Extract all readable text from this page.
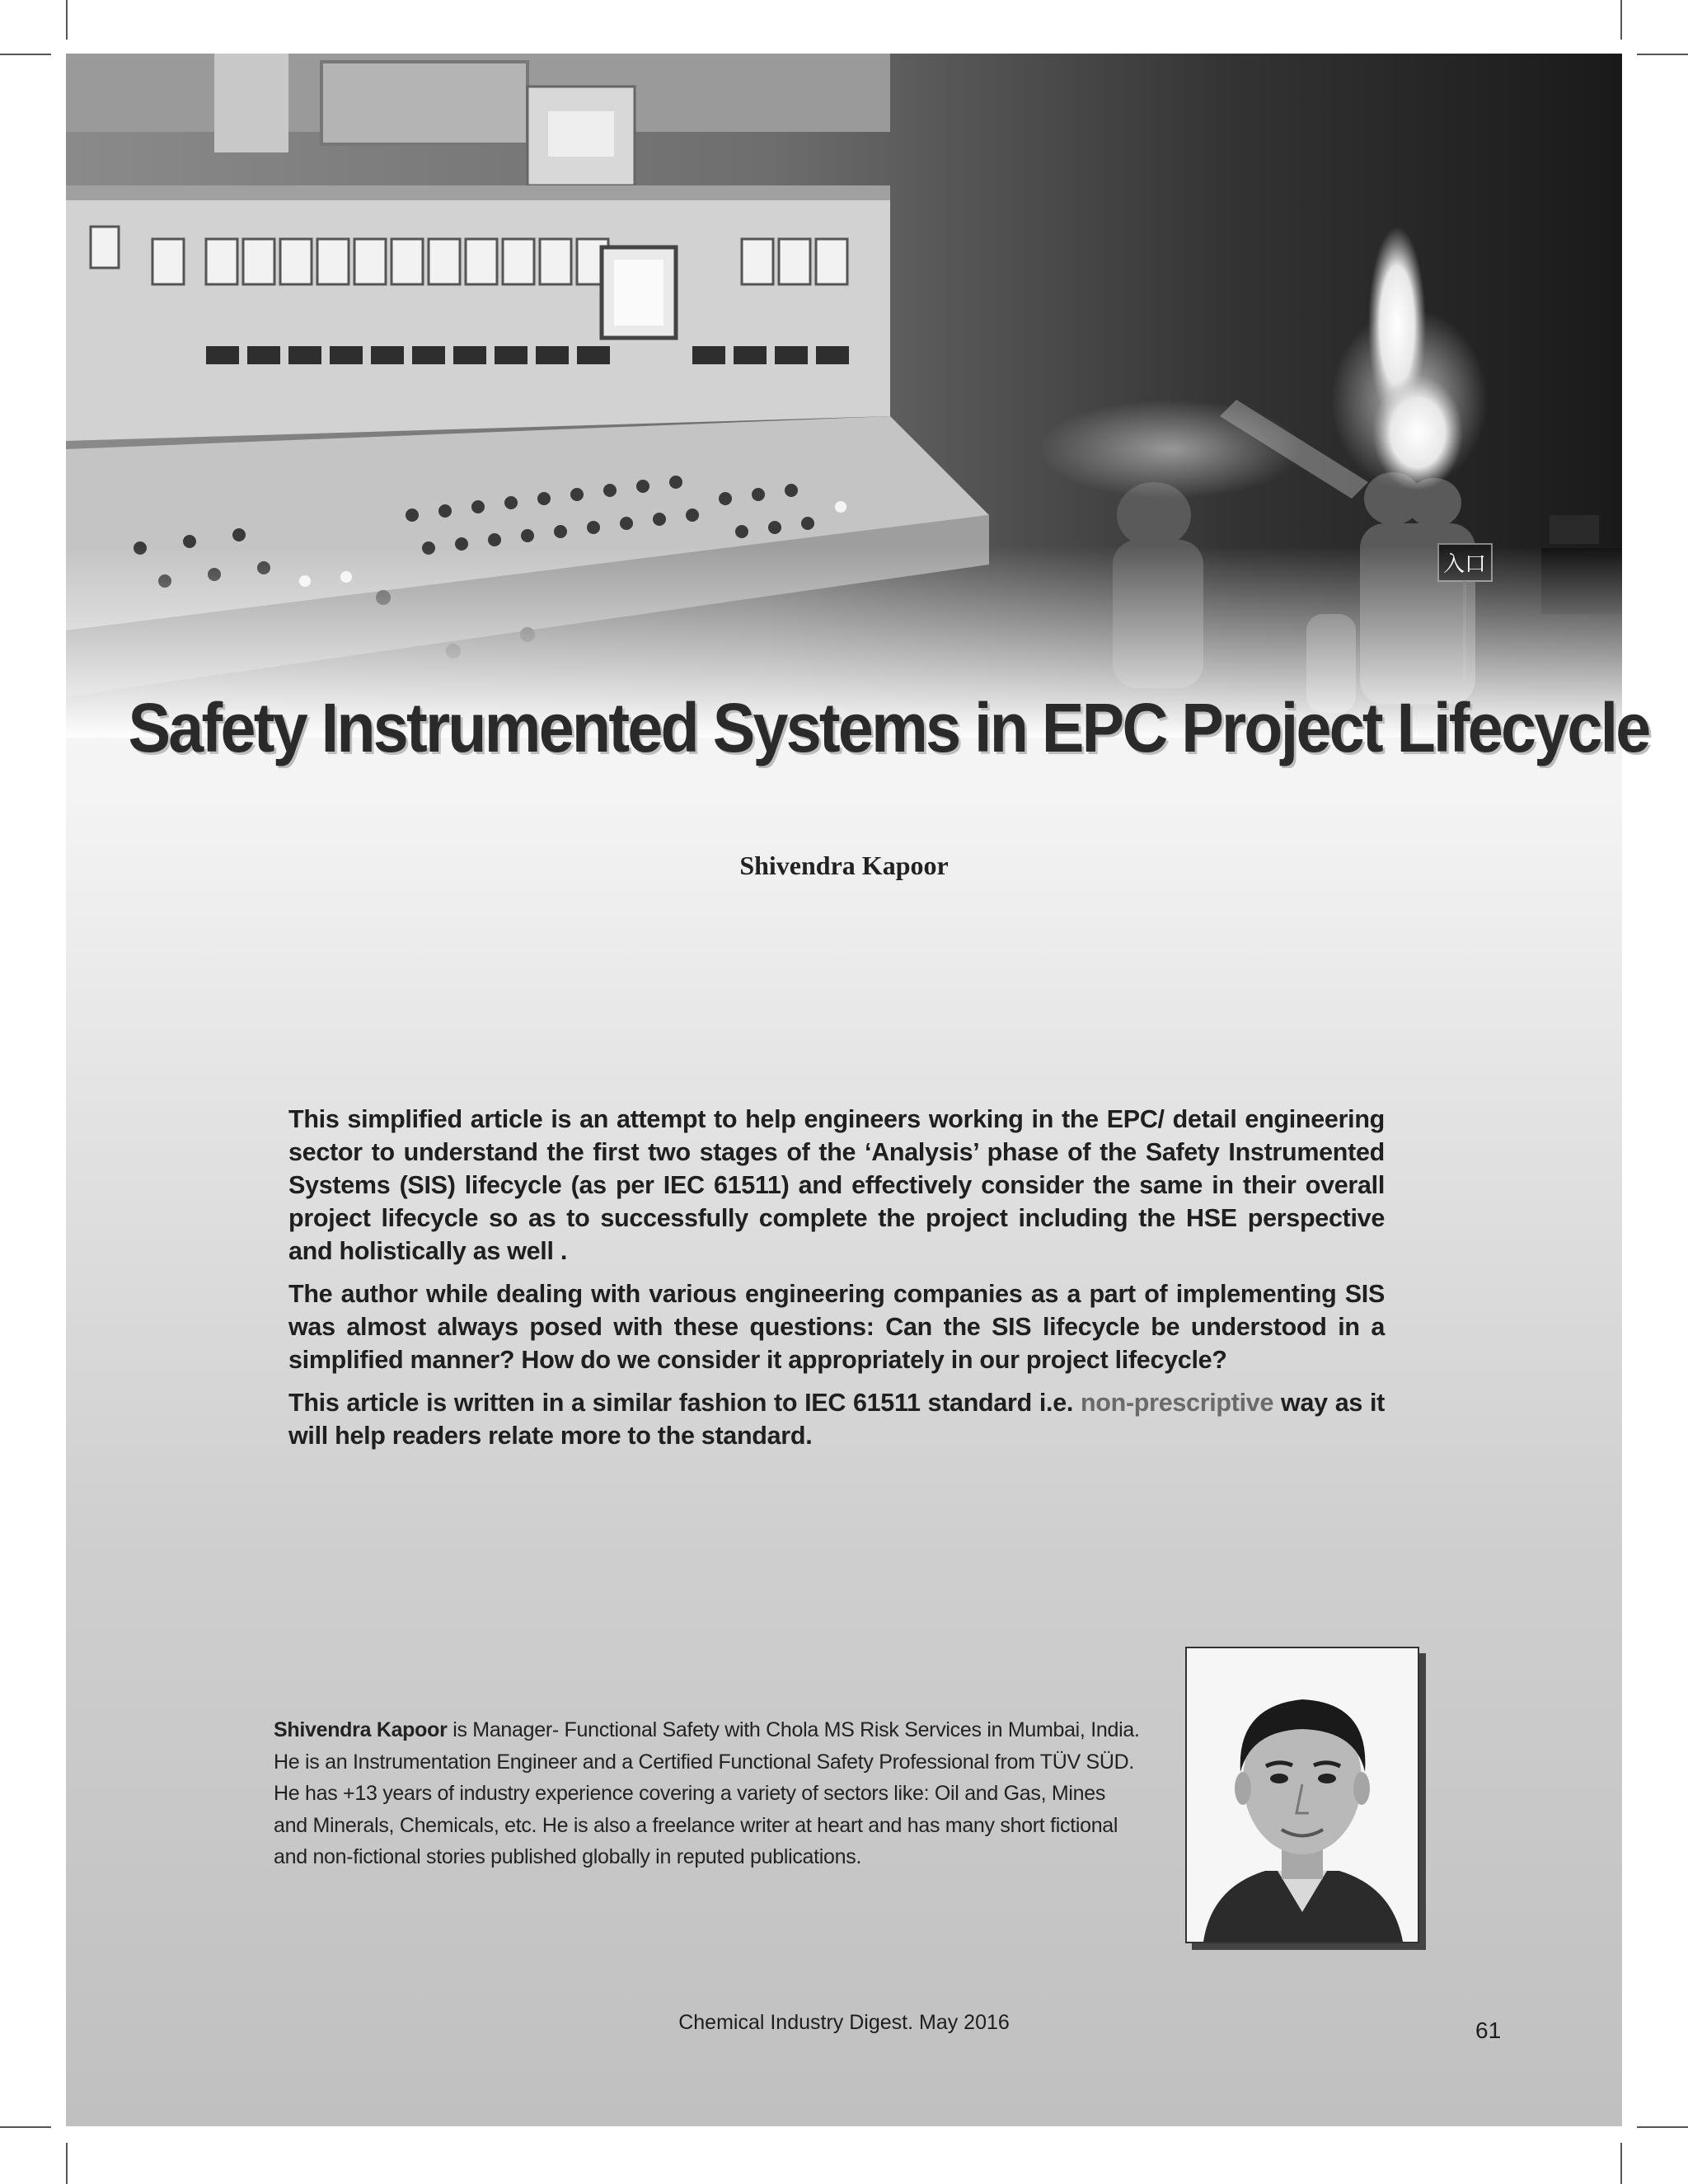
Safety Instrumented Systems in EPC Project Lifecycle
Shivendra Kapoor

This simplified article is an attempt to help engineers working in the EPC/ detail engineering sector to understand the first two stages of the ‘Analysis’ phase of the Safety Instrumented Systems (SIS) lifecycle (as per IEC 61511) and effectively consider the same in their overall project lifecycle so as to successfully complete the project including the HSE perspective and holistically as well .

The author while dealing with various engineering companies as a part of implementing SIS was almost always posed with these questions: Can the SIS lifecycle be understood in a simplified manner? How do we consider it appropriately in our project lifecycle?

This article is written in a similar fashion to IEC 61511 standard i.e. non-prescriptive way as it will help readers relate more to the standard.

Shivendra Kapoor is Manager- Functional Safety with Chola MS Risk Services in Mumbai, India. He is an Instrumentation Engineer and a Certified Functional Safety Professional from TÜV SÜD. He has +13 years of industry experience covering a variety of sectors like: Oil and Gas, Mines and Minerals, Chemicals, etc. He is also a freelance writer at heart and has many short fictional and non-fictional stories published globally in reputed publications.
Chemical Industry Digest. May 2016	61
